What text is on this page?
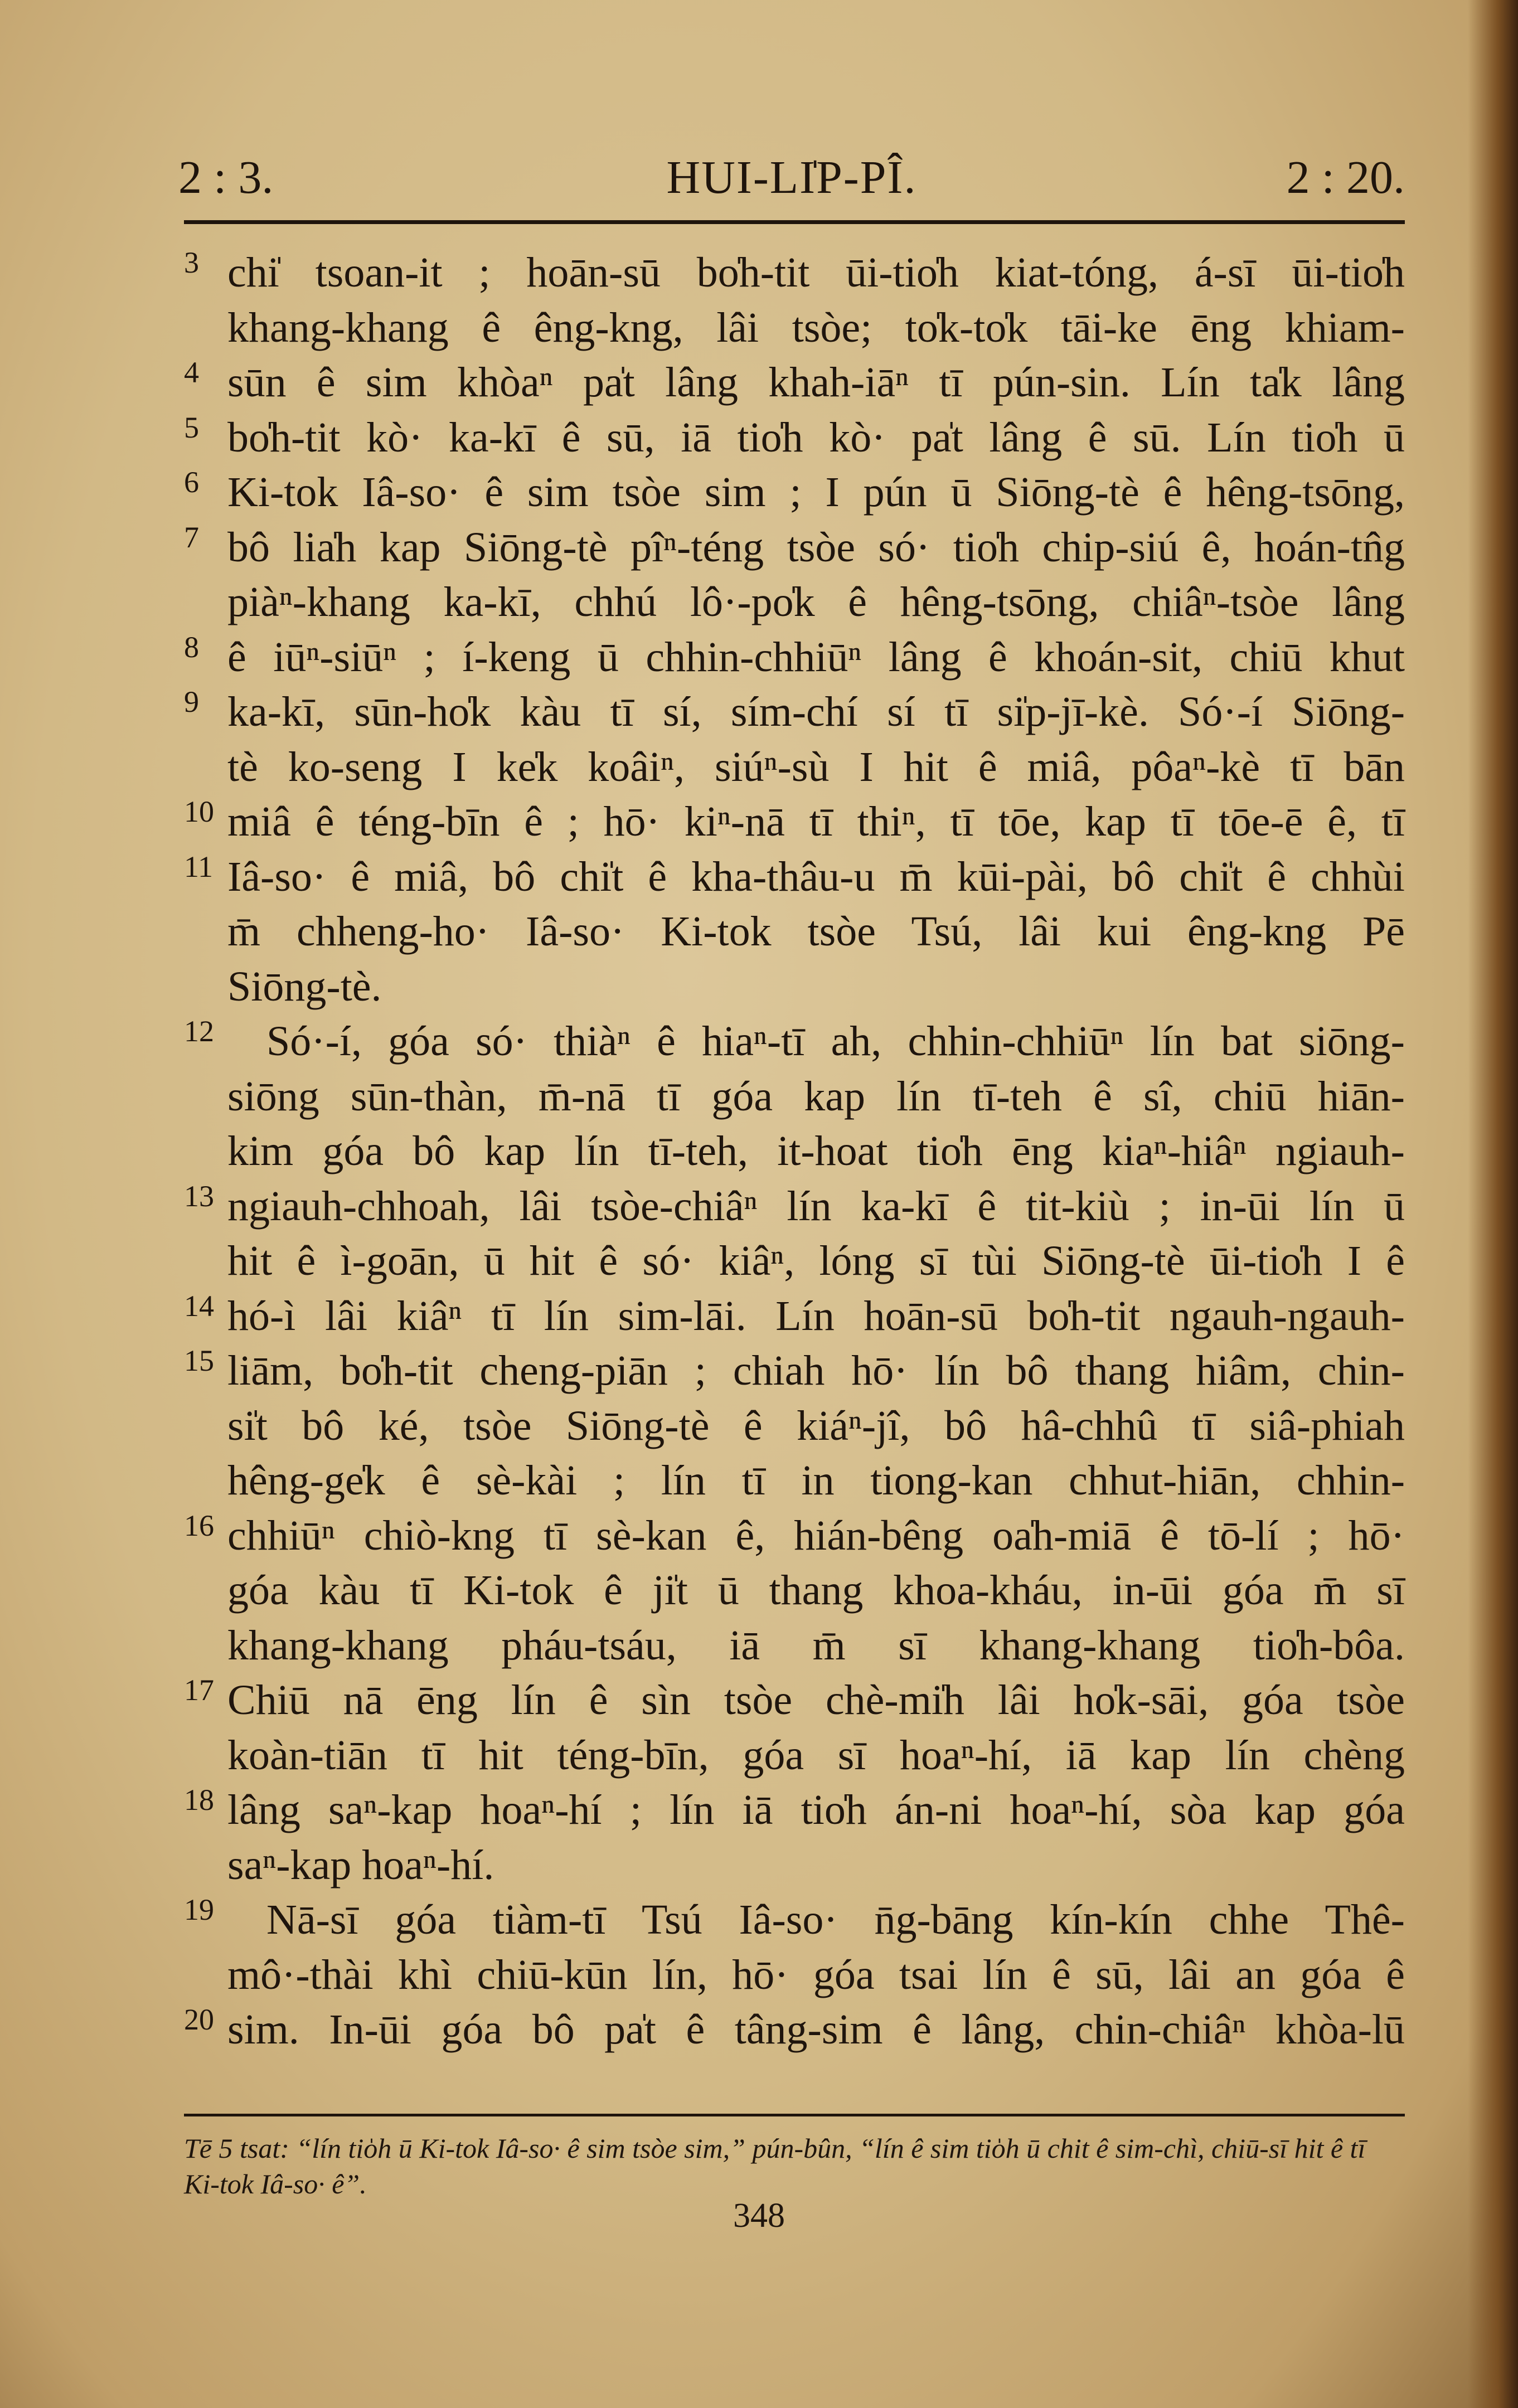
2 : 3.	HUI-LI̍P-PÎ.	2 : 20.
3 chi̍ tsoan-it ; hoān-sū bo̍h-tit ūi-tio̍h kiat-tóng, á-sī ūi-tio̍h
khang-khang ê êng-kng, lâi tsòe; to̍k-to̍k tāi-ke ēng khiam-
4 sūn ê sim khòaⁿ pa̍t lâng khah-iāⁿ tī pún-sin. Lín ta̍k lâng
5 bo̍h-tit kò· ka-kī ê sū, iā tio̍h kò· pa̍t lâng ê sū. Lín tio̍h ū
6 Ki-tok Iâ-so· ê sim tsòe sim ; I pún ū Siōng-tè ê hêng-tsōng,
7 bô lia̍h kap Siōng-tè pîⁿ-téng tsòe só· tio̍h chip-siú ê, hoán-tn̂g
piàⁿ-khang ka-kī, chhú lô·-po̍k ê hêng-tsōng, chiâⁿ-tsòe lâng
8 ê iūⁿ-siūⁿ ; í-keng ū chhin-chhiūⁿ lâng ê khoán-sit, chiū khut
9 ka-kī, sūn-ho̍k kàu tī sí, sím-chí sí tī si̍p-jī-kè. Só·-í Siōng-
tè ko-seng I ke̍k koâiⁿ, siúⁿ-sù I hit ê miâ, pôaⁿ-kè tī bān
10 miâ ê téng-bīn ê ; hō· kiⁿ-nā tī thiⁿ, tī tōe, kap tī tōe-ē ê, tī
11 Iâ-so· ê miâ, bô chi̍t ê kha-thâu-u m̄ kūi-pài, bô chi̍t ê chhùi
m̄ chheng-ho· Iâ-so· Ki-tok tsòe Tsú, lâi kui êng-kng Pē
Siōng-tè.
12	Só·-í, góa só· thiàⁿ ê hiaⁿ-tī ah, chhin-chhiūⁿ lín bat siōng-
siōng sūn-thàn, m̄-nā tī góa kap lín tī-teh ê sî, chiū hiān-
kim góa bô kap lín tī-teh, it-hoat tio̍h ēng kiaⁿ-hiâⁿ ngiauh-
13 ngiauh-chhoah, lâi tsòe-chiâⁿ lín ka-kī ê tit-kiù ; in-ūi lín ū
hit ê ì-goān, ū hit ê só· kiâⁿ, lóng sī tùi Siōng-tè ūi-tio̍h I ê
14 hó-ì lâi kiâⁿ tī lín sim-lāi. Lín hoān-sū bo̍h-tit ngauh-ngauh-
15 liām, bo̍h-tit cheng-piān ; chiah hō· lín bô thang hiâm, chin-
si̍t bô ké, tsòe Siōng-tè ê kiáⁿ-jî, bô hâ-chhû tī siâ-phiah
hêng-ge̍k ê sè-kài ; lín tī in tiong-kan chhut-hiān, chhin-
16 chhiūⁿ chiò-kng tī sè-kan ê, hián-bêng oa̍h-miā ê tō-lí ; hō·
góa kàu tī Ki-tok ê ji̍t ū thang khoa-kháu, in-ūi góa m̄ sī
khang-khang pháu-tsáu, iā m̄ sī khang-khang tio̍h-bôa.
17 Chiū nā ēng lín ê sìn tsòe chè-mi̍h lâi ho̍k-sāi, góa tsòe
koàn-tiān tī hit téng-bīn, góa sī hoaⁿ-hí, iā kap lín chèng
18 lâng saⁿ-kap hoaⁿ-hí ; lín iā tio̍h án-ni hoaⁿ-hí, sòa kap góa
saⁿ-kap hoaⁿ-hí.
19	Nā-sī góa tiàm-tī Tsú Iâ-so· n̄g-bāng kín-kín chhe Thê-
mô·-thài khì chiū-kūn lín, hō· góa tsai lín ê sū, lâi an góa ê
20 sim. In-ūi góa bô pa̍t ê tâng-sim ê lâng, chin-chiâⁿ khòa-lū
Tē 5 tsat: “lín tio̍h ū Ki-tok Iâ-so· ê sim tsòe sim,” pún-bûn, “lín ê sim tio̍h ū chit ê sim-chì, chiū-sī hit ê tī Ki-tok Iâ-so· ê”.
348
